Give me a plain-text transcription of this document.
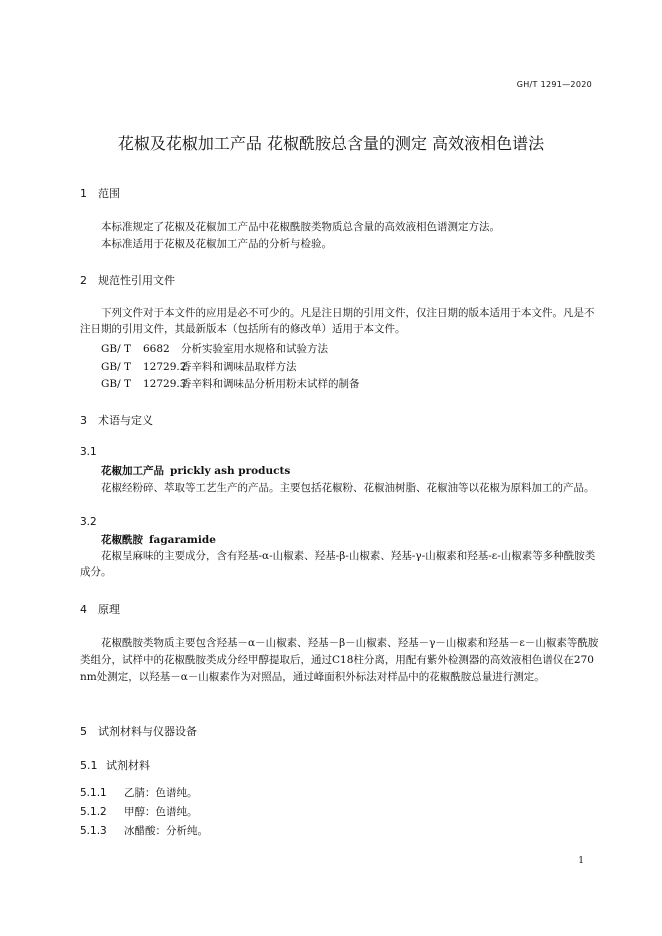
GH/T 1291—2020
花椒及花椒加工产品 花椒酰胺总含量的测定 高效液相色谱法
1 范围
本标准规定了花椒及花椒加工产品中花椒酰胺类物质总含量的高效液相色谱测定方法。
本标准适用于花椒及花椒加工产品的分析与检验。
2 规范性引用文件
下列文件对于本文件的应用是必不可少的。凡是注日期的引用文件，仅注日期的版本适用于本文件。凡是不注日期的引用文件，其最新版本（包括所有的修改单）适用于本文件。
GB/ T 6682 分析实验室用水规格和试验方法
GB/ T 12729.2香辛料和调味品取样方法
GB/ T 12729.3香辛料和调味品分析用粉末试样的制备
3 术语与定义
3.1
花椒加工产品 prickly ash products
花椒经粉碎、萃取等工艺生产的产品。主要包括花椒粉、花椒油树脂、花椒油等以花椒为原料加工的产品。
3.2
花椒酰胺 fagaramide
花椒呈麻味的主要成分，含有羟基-α-山椒素、羟基-β-山椒素、羟基-γ-山椒素和羟基-ε-山椒素等多种酰胺类成分。
4 原理
花椒酰胺类物质主要包含羟基－α－山椒素、羟基－β－山椒素、羟基－γ－山椒素和羟基－ε－山椒素等酰胺类组分，试样中的花椒酰胺类成分经甲醇提取后，通过C18柱分离，用配有紫外检测器的高效液相色谱仪在270 nm处测定，以羟基－α－山椒素作为对照品，通过峰面积外标法对样品中的花椒酰胺总量进行测定。
5 试剂材料与仪器设备
5.1 试剂材料
5.1.1 乙腈：色谱纯。
5.1.2 甲醇：色谱纯。
5.1.3 冰醋酸：分析纯。
1
